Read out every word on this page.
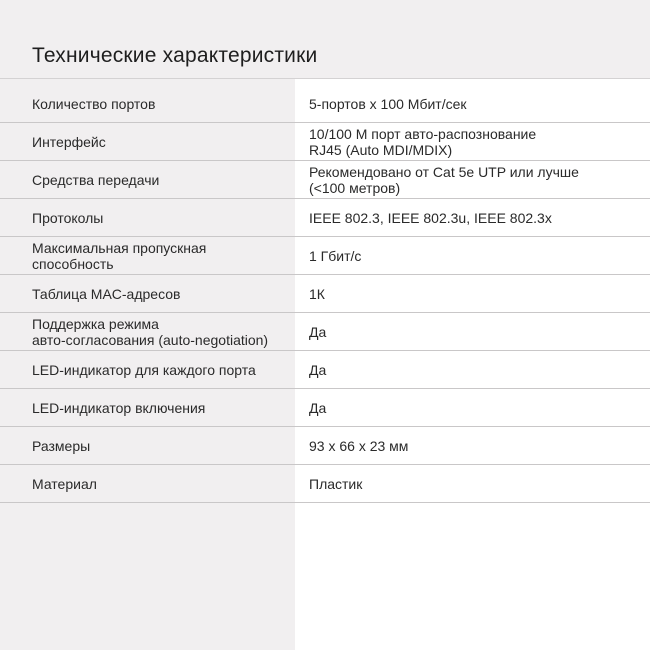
Технические характеристики
Количество портов	5-портов х 100 Мбит/сек
Интерфейс	10/100 М порт авто-распознование
RJ45 (Auto MDI/MDIX)
Средства передачи	Рекомендовано от Cat 5e UTP или лучше
(<100 метров)
Протоколы	IEEE 802.3, IEEE 802.3u, IEEE 802.3x
Максимальная пропускная
способность	1 Гбит/с
Таблица MAC-адресов	1К
Поддержка режима
авто-согласования (auto-negotiation)	Да
LED-индикатор для каждого порта	Да
LED-индикатор включения	Да
Размеры	93 х 66 х 23 мм
Материал	Пластик
